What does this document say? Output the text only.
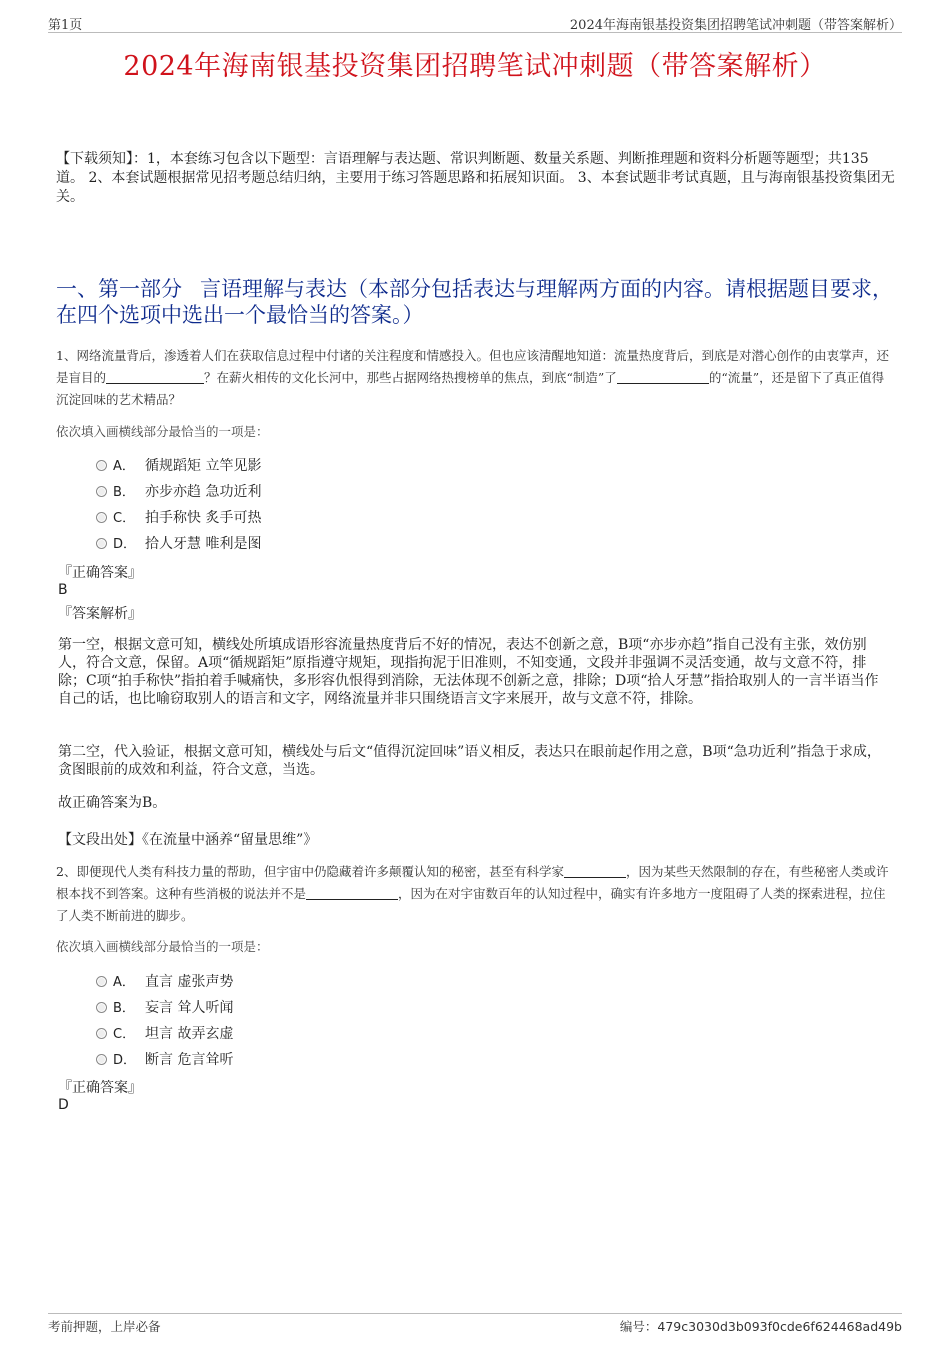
第1页	2024年海南银基投资集团招聘笔试冲刺题（带答案解析）
2024年海南银基投资集团招聘笔试冲刺题（带答案解析）
【下载须知】：1，本套练习包含以下题型：言语理解与表达题、常识判断题、数量关系题、判断推理题和资料分析题等题型；共135道。 2、本套试题根据常见招考题总结归纳，主要用于练习答题思路和拓展知识面。 3、本套试题非考试真题，且与海南银基投资集团无关。
一、第一部分 言语理解与表达（本部分包括表达与理解两方面的内容。请根据题目要求，在四个选项中选出一个最恰当的答案。）
1、网络流量背后，渗透着人们在获取信息过程中付诸的关注程度和情感投入。但也应该清醒地知道：流量热度背后，到底是对潜心创作的由衷掌声，还是盲目的	？在薪火相传的文化长河中，那些占据网络热搜榜单的焦点，到底“制造”了	的“流量”，还是留下了真正值得沉淀回味的艺术精品？
依次填入画横线部分最恰当的一项是：
A． 循规蹈矩 立竿见影
B． 亦步亦趋 急功近利
C． 拍手称快 炙手可热
D． 拾人牙慧 唯利是图
『正确答案』
B
『答案解析』
第一空，根据文意可知，横线处所填成语形容流量热度背后不好的情况，表达不创新之意，B项“亦步亦趋”指自己没有主张，效仿别人，符合文意，保留。A项“循规蹈矩”原指遵守规矩，现指拘泥于旧准则，不知变通，文段并非强调不灵活变通，故与文意不符，排除；C项“拍手称快”指拍着手喊痛快，多形容仇恨得到消除，无法体现不创新之意，排除；D项“拾人牙慧”指拾取别人的一言半语当作自己的话，也比喻窃取别人的语言和文字，网络流量并非只围绕语言文字来展开，故与文意不符，排除。
第二空，代入验证，根据文意可知，横线处与后文“值得沉淀回味”语义相反，表达只在眼前起作用之意，B项“急功近利”指急于求成，贪图眼前的成效和利益，符合文意，当选。
故正确答案为B。
【文段出处】《在流量中涵养“留量思维”》
2、即便现代人类有科技力量的帮助，但宇宙中仍隐藏着许多颠覆认知的秘密，甚至有科学家	，因为某些天然限制的存在，有些秘密人类或许根本找不到答案。这种有些消极的说法并不是	，因为在对宇宙数百年的认知过程中，确实有许多地方一度阻碍了人类的探索进程，拉住了人类不断前进的脚步。
依次填入画横线部分最恰当的一项是：
A． 直言 虚张声势
B． 妄言 耸人听闻
C． 坦言 故弄玄虚
D． 断言 危言耸听
『正确答案』
D
考前押题，上岸必备	编号：479c3030d3b093f0cde6f624468ad49b
